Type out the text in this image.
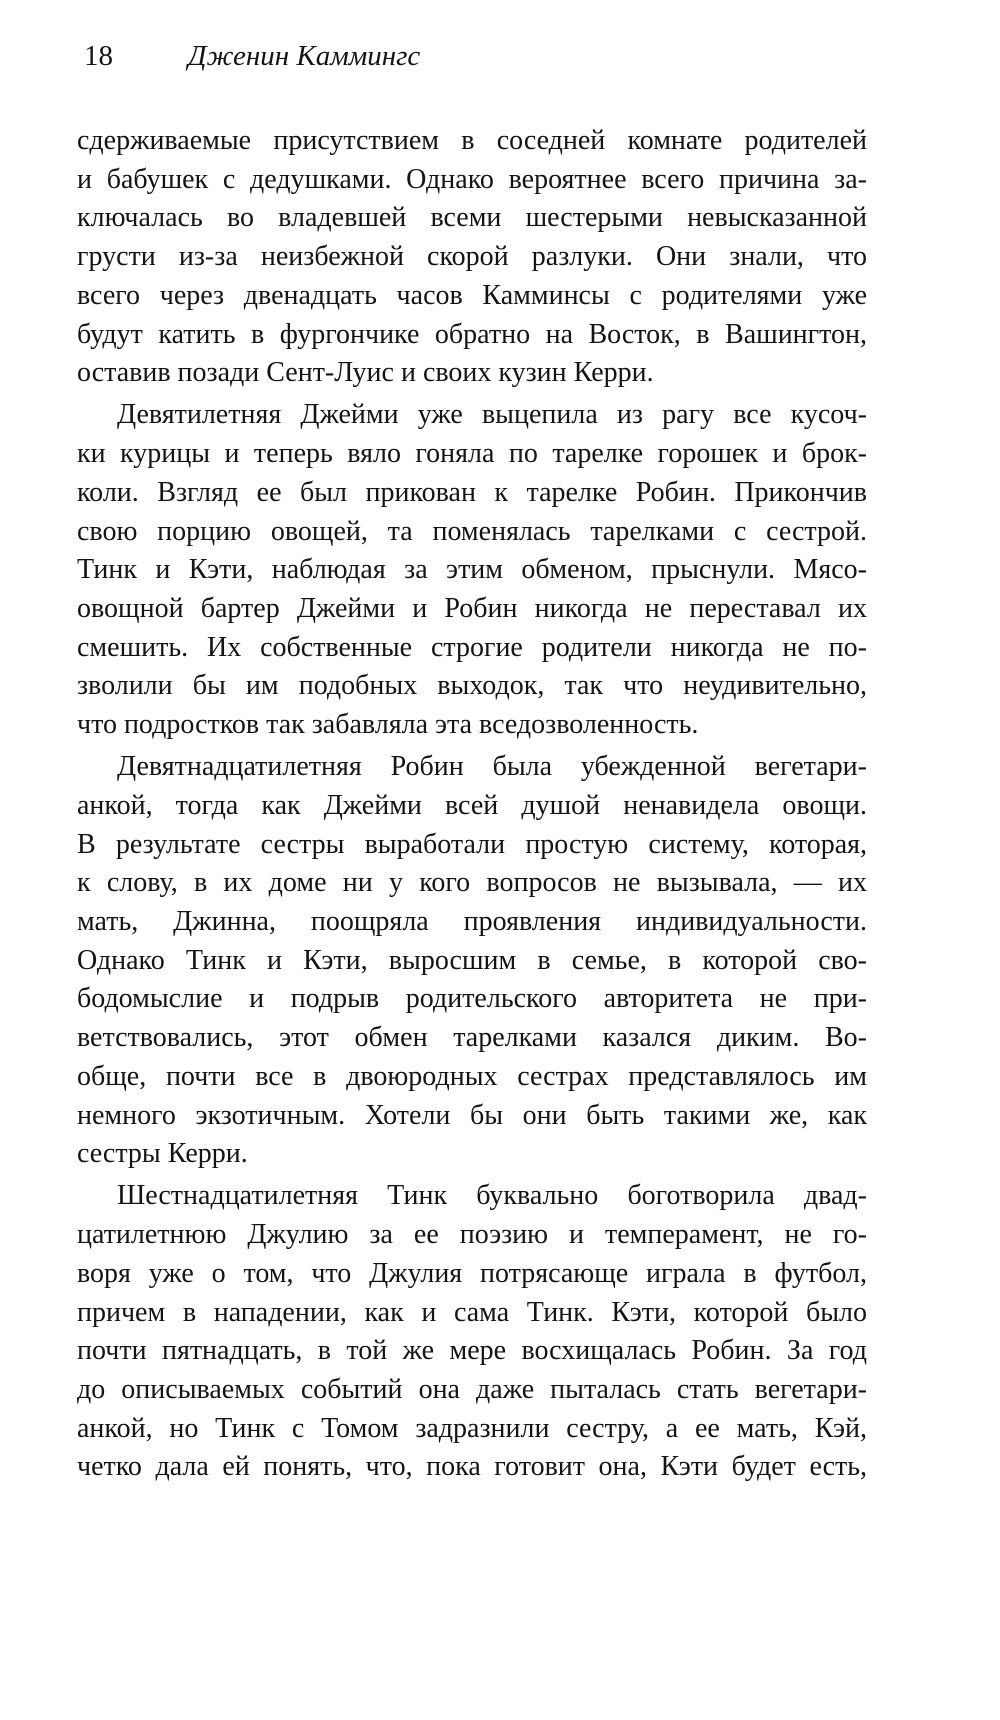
18	Дженин Каммингс
сдерживаемые присутствием в соседней комнате родителей
и бабушек с дедушками. Однако вероятнее всего причина за-
ключалась во владевшей всеми шестерыми невысказанной
грусти из-за неизбежной скорой разлуки. Они знали, что
всего через двенадцать часов Камминсы с родителями уже
будут катить в фургончике обратно на Восток, в Вашингтон,
оставив позади Сент-Луис и своих кузин Керри.
Девятилетняя Джейми уже выцепила из рагу все кусоч-
ки курицы и теперь вяло гоняла по тарелке горошек и брок-
коли. Взгляд ее был прикован к тарелке Робин. Прикончив
свою порцию овощей, та поменялась тарелками с сестрой.
Тинк и Кэти, наблюдая за этим обменом, прыснули. Мясо-
овощной бартер Джейми и Робин никогда не переставал их
смешить. Их собственные строгие родители никогда не по-
зволили бы им подобных выходок, так что неудивительно,
что подростков так забавляла эта вседозволенность.
Девятнадцатилетняя Робин была убежденной вегетари-
анкой, тогда как Джейми всей душой ненавидела овощи.
В результате сестры выработали простую систему, которая,
к слову, в их доме ни у кого вопросов не вызывала, — их
мать, Джинна, поощряла проявления индивидуальности.
Однако Тинк и Кэти, выросшим в семье, в которой сво-
бодомыслие и подрыв родительского авторитета не при-
ветствовались, этот обмен тарелками казался диким. Во-
обще, почти все в двоюродных сестрах представлялось им
немного экзотичным. Хотели бы они быть такими же, как
сестры Керри.
Шестнадцатилетняя Тинк буквально боготворила двад-
цатилетнюю Джулию за ее поэзию и темперамент, не го-
воря уже о том, что Джулия потрясающе играла в футбол,
причем в нападении, как и сама Тинк. Кэти, которой было
почти пятнадцать, в той же мере восхищалась Робин. За год
до описываемых событий она даже пыталась стать вегетари-
анкой, но Тинк с Томом задразнили сестру, а ее мать, Кэй,
четко дала ей понять, что, пока готовит она, Кэти будет есть,
